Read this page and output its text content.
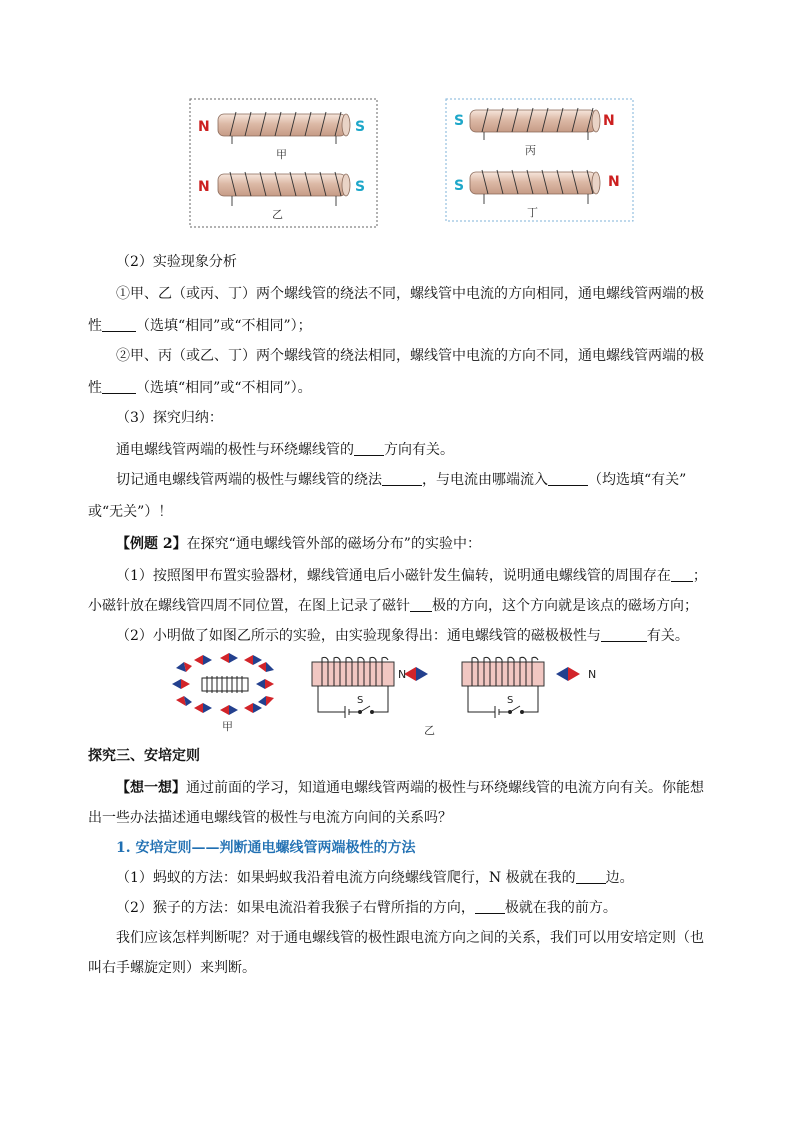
N	S
甲
N	S
乙
S	N
丙
S	N
丁
（2）实验现象分析
①甲、乙（或丙、丁）两个螺线管的绕法不同，螺线管中电流的方向相同，通电螺线管两端的极
性 （选填“相同”或“不相同”）；
②甲、丙（或乙、丁）两个螺线管的绕法相同，螺线管中电流的方向不同，通电螺线管两端的极
性 （选填“相同”或“不相同”）。
（3）探究归纳：
通电螺线管两端的极性与环绕螺线管的 方向有关。
切记通电螺线管两端的极性与螺线管的绕法	，与电流由哪端流入	（均选填“有关”
或“无关”）！
【例题 2】在探究“通电螺线管外部的磁场分布”的实验中：
（1）按照图甲布置实验器材，螺线管通电后小磁针发生偏转，说明通电螺线管的周围存在 ；
小磁针放在螺线管四周不同位置，在图上记录了磁针 极的方向，这个方向就是该点的磁场方向；
（2）小明做了如图乙所示的实验，由实验现象得出：通电螺线管的磁极极性与	有关。
甲
N
S
乙
N
S
探究三、安培定则
【想一想】通过前面的学习，知道通电螺线管两端的极性与环绕螺线管的电流方向有关。你能想
出一些办法描述通电螺线管的极性与电流方向间的关系吗？
1. 安培定则——判断通电螺线管两端极性的方法
（1）蚂蚁的方法：如果蚂蚁我沿着电流方向绕螺线管爬行，N 极就在我的 边。
（2）猴子的方法：如果电流沿着我猴子右臂所指的方向， 极就在我的前方。
我们应该怎样判断呢？对于通电螺线管的极性跟电流方向之间的关系，我们可以用安培定则（也
叫右手螺旋定则）来判断。
